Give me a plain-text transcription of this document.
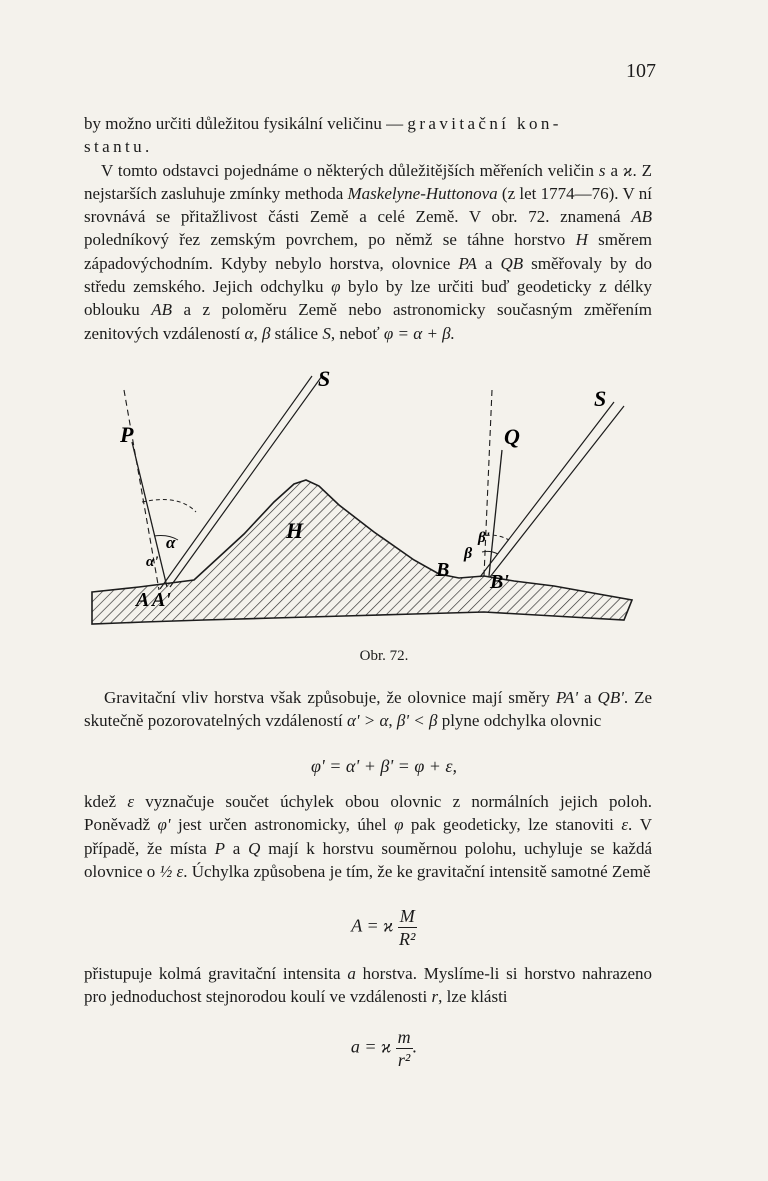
107

by možno určiti důležitou fysikální veličinu — gravitační kon-
stantu.
 V tomto odstavci pojednáme o některých důležitějších měřeních veličin s a ϰ. Z nejstarších zasluhuje zmínky methoda Maskelyne-Huttonova (z let 1774—76). V ní srovnává se přitažlivost části Země a celé Země. V obr. 72. znamená AB poledníkový řez zemským povrchem, po němž se táhne horstvo H směrem západovýchodním. Kdyby nebylo horstva, olovnice PA a QB směřovaly by do středu zemského. Jejich odchylku φ bylo by lze určiti buď geodeticky z délky oblouku AB a z poloměru Země nebo astronomicky současným změřením zenitových vzdáleností α, β stálice S, neboť φ = α + β.

S
S
P	Q
H
A A'
B
B'
α
α'	β
β'
Obr. 72.

Gravitační vliv horstva však způsobuje, že olovnice mají směry PA' a QB'. Ze skutečně pozorovatelných vzdáleností α' > α, β' < β plyne odchylka olovnic

φ' = α' + β' = φ + ε,

kdež ε vyznačuje součet úchylek obou olovnic z normálních jejich poloh. Poněvadž φ' jest určen astronomicky, úhel φ pak geodeticky, lze stanoviti ε. V případě, že místa P a Q mají k horstvu souměrnou polohu, uchyluje se každá olovnice o ½ ε. Úchylka způsobena je tím, že ke gravitační intensitě samotné Země

A = ϰ $\frac{M}{\text{R²}}$

přistupuje kolmá gravitační intensita a horstva. Myslíme-li si horstvo nahrazeno pro jednoduchost stejnorodou koulí ve vzdálenosti r, lze klásti

a = ϰ $\frac{m}{\text{r²}}$ .
